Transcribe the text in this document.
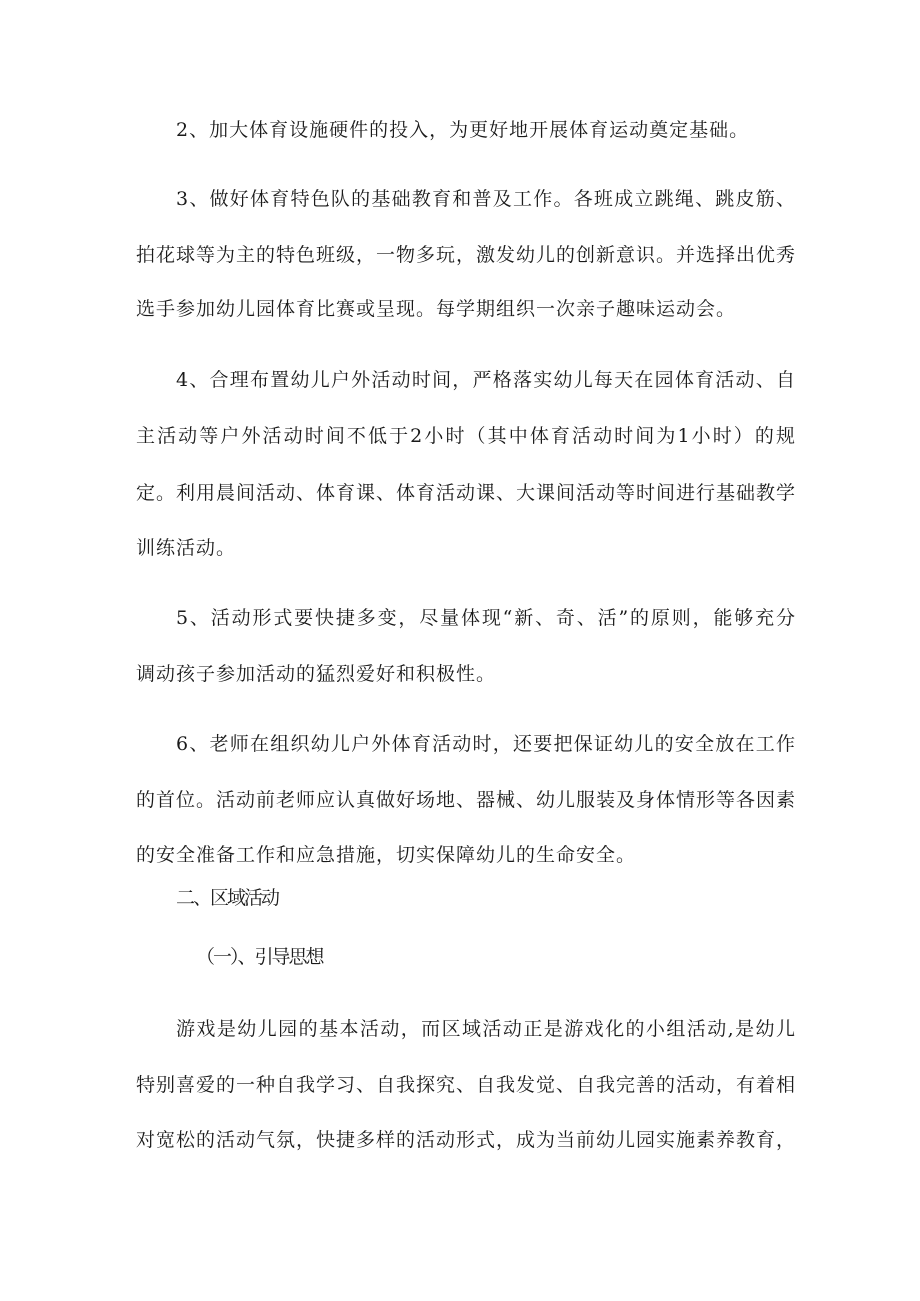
2、加大体育设施硬件的投入，为更好地开展体育运动奠定基础。
3、做好体育特色队的基础教育和普及工作。各班成立跳绳、跳皮筋、
拍花球等为主的特色班级，一物多玩，激发幼儿的创新意识。并选择出优秀
选手参加幼儿园体育比赛或呈现。每学期组织一次亲子趣味运动会。
4、合理布置幼儿户外活动时间，严格落实幼儿每天在园体育活动、自
主活动等户外活动时间不低于2小时（其中体育活动时间为1小时）的规
定。利用晨间活动、体育课、体育活动课、大课间活动等时间进行基础教学
训练活动。
5、活动形式要快捷多变，尽量体现“新、奇、活”的原则，能够充分
调动孩子参加活动的猛烈爱好和积极性。
6、老师在组织幼儿户外体育活动时，还要把保证幼儿的安全放在工作
的首位。活动前老师应认真做好场地、器械、幼儿服装及身体情形等各因素
的安全准备工作和应急措施，切实保障幼儿的生命安全。
二、区域活动
（一）、引导思想
游戏是幼儿园的基本活动，而区域活动正是游戏化的小组活动,是幼儿
特别喜爱的一种自我学习、自我探究、自我发觉、自我完善的活动，有着相
对宽松的活动气氛，快捷多样的活动形式，成为当前幼儿园实施素养教育，
